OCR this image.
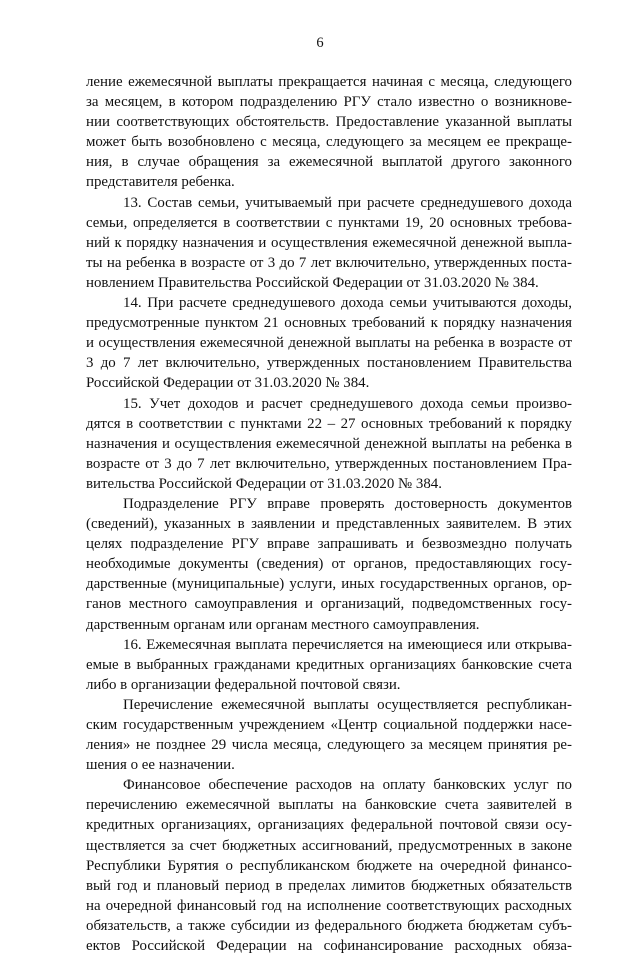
6

ление ежемесячной выплаты прекращается начиная с месяца, следующего

за месяцем, в котором подразделению РГУ стало известно о возникнове-

нии соответствующих обстоятельств. Предоставление указанной выплаты

может быть возобновлено с месяца, следующего за месяцем ее прекраще-

ния, в случае обращения за ежемесячной выплатой другого законного

представителя ребенка.

13. Состав семьи, учитываемый при расчете среднедушевого дохода

семьи, определяется в соответствии с пунктами 19, 20 основных требова-

ний к порядку назначения и осуществления ежемесячной денежной выпла-

ты на ребенка в возрасте от 3 до 7 лет включительно, утвержденных поста-

новлением Правительства Российской Федерации от 31.03.2020 № 384.

14. При расчете среднедушевого дохода семьи учитываются доходы,

предусмотренные пунктом 21 основных требований к порядку назначения

и осуществления ежемесячной денежной выплаты на ребенка в возрасте от

3 до 7 лет включительно, утвержденных постановлением Правительства

Российской Федерации от 31.03.2020 № 384.

15. Учет доходов и расчет среднедушевого дохода семьи произво-

дятся в соответствии с пунктами 22 – 27 основных требований к порядку

назначения и осуществления ежемесячной денежной выплаты на ребенка в

возрасте от 3 до 7 лет включительно, утвержденных постановлением Пра-

вительства Российской Федерации от 31.03.2020 № 384.

Подразделение РГУ вправе проверять достоверность документов

(сведений), указанных в заявлении и представленных заявителем. В этих

целях подразделение РГУ вправе запрашивать и безвозмездно получать

необходимые документы (сведения) от органов, предоставляющих госу-

дарственные (муниципальные) услуги, иных государственных органов, ор-

ганов местного самоуправления и организаций, подведомственных госу-

дарственным органам или органам местного самоуправления.

16. Ежемесячная выплата перечисляется на имеющиеся или открыва-

емые в выбранных гражданами кредитных организациях банковские счета

либо в организации федеральной почтовой связи.

Перечисление ежемесячной выплаты осуществляется республикан-

ским государственным учреждением «Центр социальной поддержки насе-

ления» не позднее 29 числа месяца, следующего за месяцем принятия ре-

шения о ее назначении.

Финансовое обеспечение расходов на оплату банковских услуг по

перечислению ежемесячной выплаты на банковские счета заявителей в

кредитных организациях, организациях федеральной почтовой связи осу-

ществляется за счет бюджетных ассигнований, предусмотренных в законе

Республики Бурятия о республиканском бюджете на очередной финансо-

вый год и плановый период в пределах лимитов бюджетных обязательств

на очередной финансовый год на исполнение соответствующих расходных

обязательств, а также субсидии из федерального бюджета бюджетам субъ-

ектов Российской Федерации на софинансирование расходных обяза-
